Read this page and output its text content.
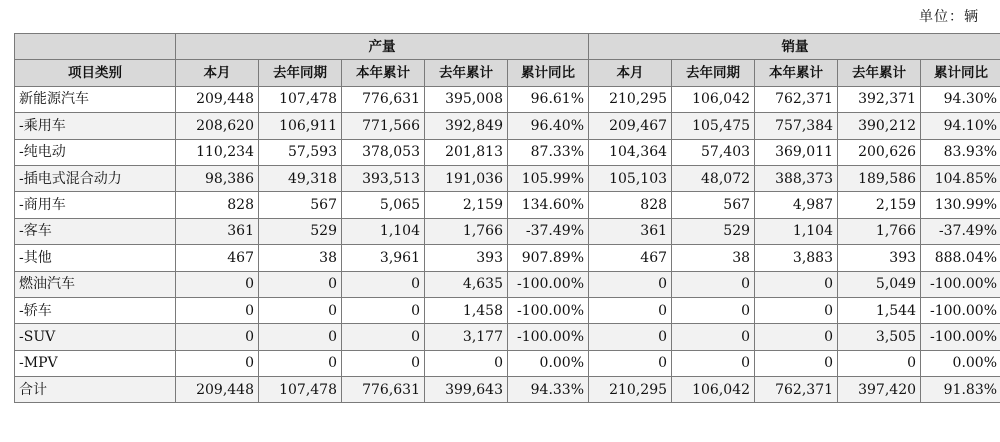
单位：辆
	产量					销量				
项目类别	本月	去年同期	本年累计	去年累计	累计同比	本月	去年同期	本年累计	去年累计	累计同比
新能源汽车	209,448	107,478	776,631	395,008	96.61%	210,295	106,042	762,371	392,371	94.30%
-乘用车	208,620	106,911	771,566	392,849	96.40%	209,467	105,475	757,384	390,212	94.10%
-纯电动	110,234	57,593	378,053	201,813	87.33%	104,364	57,403	369,011	200,626	83.93%
-插电式混合动力	98,386	49,318	393,513	191,036	105.99%	105,103	48,072	388,373	189,586	104.85%
-商用车	828	567	5,065	2,159	134.60%	828	567	4,987	2,159	130.99%
-客车	361	529	1,104	1,766	-37.49%	361	529	1,104	1,766	-37.49%
-其他	467	38	3,961	393	907.89%	467	38	3,883	393	888.04%
燃油汽车	0	0	0	4,635	-100.00%	0	0	0	5,049	-100.00%
-轿车	0	0	0	1,458	-100.00%	0	0	0	1,544	-100.00%
-SUV	0	0	0	3,177	-100.00%	0	0	0	3,505	-100.00%
-MPV	0	0	0	0	0.00%	0	0	0	0	0.00%
合计	209,448	107,478	776,631	399,643	94.33%	210,295	106,042	762,371	397,420	91.83%
